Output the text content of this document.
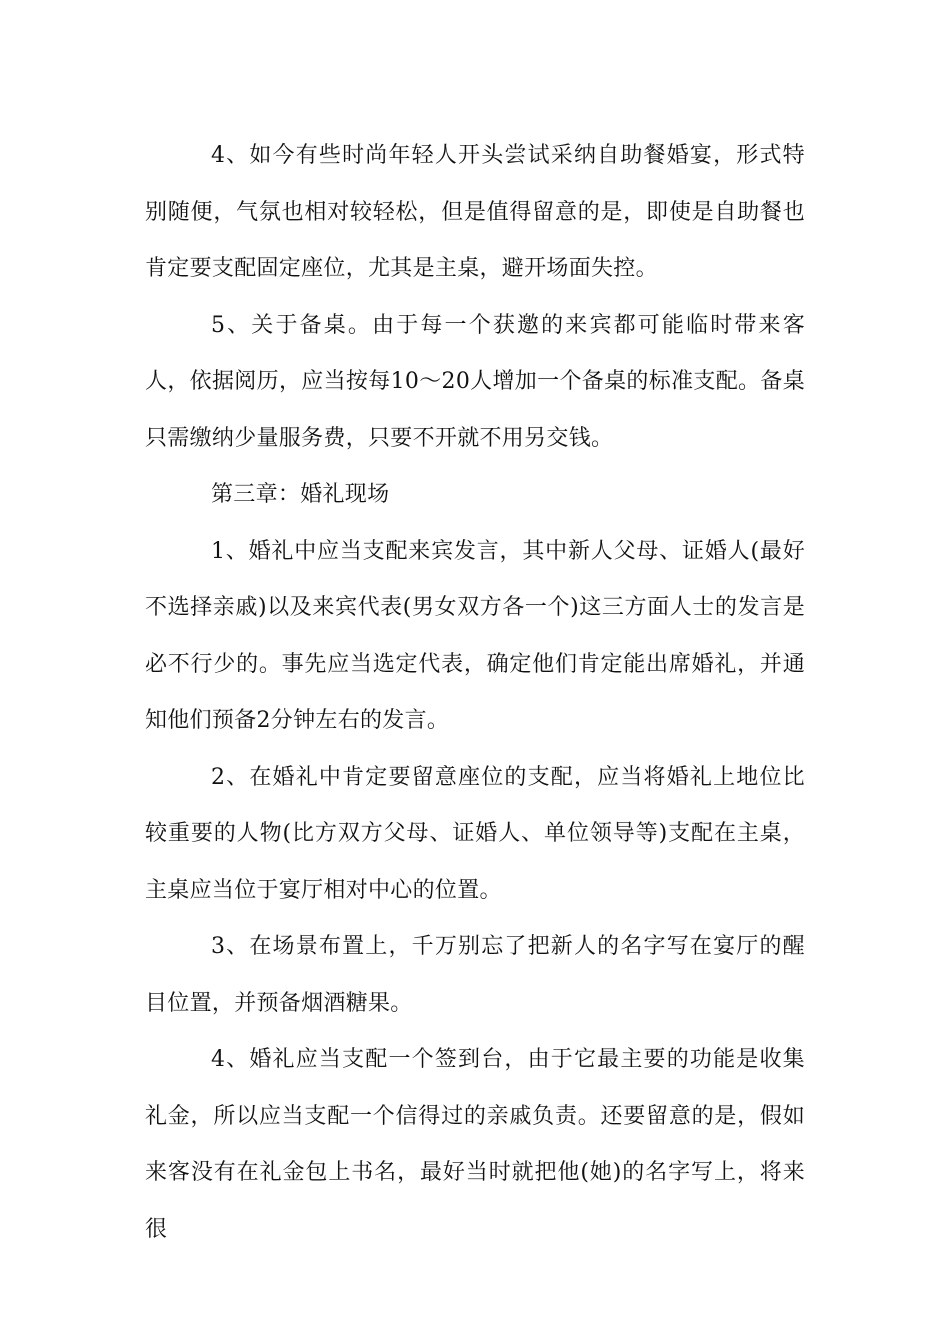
4、如今有些时尚年轻人开头尝试采纳自助餐婚宴，形式特别随便，气氛也相对较轻松，但是值得留意的是，即使是自助餐也肯定要支配固定座位，尤其是主桌，避开场面失控。

5、关于备桌。由于每一个获邀的来宾都可能临时带来客人，依据阅历，应当按每10～20人增加一个备桌的标准支配。备桌只需缴纳少量服务费，只要不开就不用另交钱。

第三章：婚礼现场

1、婚礼中应当支配来宾发言，其中新人父母、证婚人(最好不选择亲戚)以及来宾代表(男女双方各一个)这三方面人士的发言是必不行少的。事先应当选定代表，确定他们肯定能出席婚礼，并通知他们预备2分钟左右的发言。

2、在婚礼中肯定要留意座位的支配，应当将婚礼上地位比较重要的人物(比方双方父母、证婚人、单位领导等)支配在主桌，主桌应当位于宴厅相对中心的位置。

3、在场景布置上，千万别忘了把新人的名字写在宴厅的醒目位置，并预备烟酒糖果。

4、婚礼应当支配一个签到台，由于它最主要的功能是收集礼金，所以应当支配一个信得过的亲戚负责。还要留意的是，假如来客没有在礼金包上书名，最好当时就把他(她)的名字写上，将来很
